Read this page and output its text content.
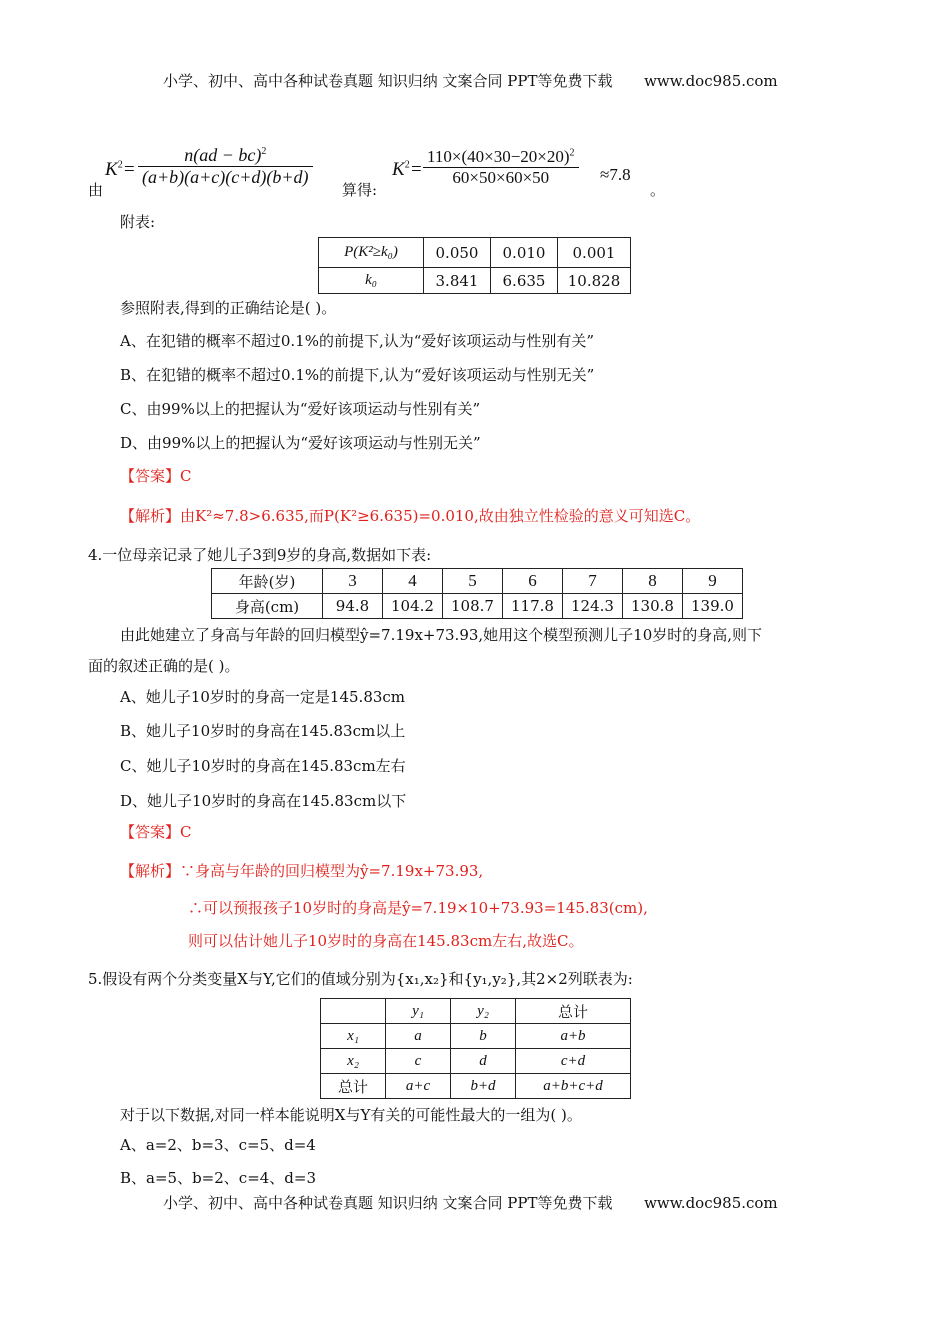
小学、初中、高中各种试卷真题 知识归纳 文案合同 PPT等免费下载 www.doc985.com
由
$K^2= \frac{n(ad - bc)^2}{(a+b)(a+c)(c+d)(b+d)}$
算得:
$K^2= \frac{110\times(40\times 30-20\times 20)^2}{60\times 50\times 60\times 50} \approx 7.8$
。
附表:
P(K²≥k₀)	0.050	0.010	0.001
k₀	3.841	6.635	10.828
参照附表,得到的正确结论是( )。
A、在犯错的概率不超过0.1%的前提下,认为“爱好该项运动与性别有关”
B、在犯错的概率不超过0.1%的前提下,认为“爱好该项运动与性别无关”
C、由99%以上的把握认为“爱好该项运动与性别有关”
D、由99%以上的把握认为“爱好该项运动与性别无关”
【答案】C
【解析】由K²≈7.8>6.635,而P(K²≥6.635)=0.010,故由独立性检验的意义可知选C。
4.一位母亲记录了她儿子3到9岁的身高,数据如下表:
年龄(岁)	3	4	5	6	7	8	9
身高(cm)	94.8	104.2	108.7	117.8	124.3	130.8	139.0
由此她建立了身高与年龄的回归模型ŷ=7.19x+73.93,她用这个模型预测儿子10岁时的身高,则下
面的叙述正确的是( )。
A、她儿子10岁时的身高一定是145.83cm
B、她儿子10岁时的身高在145.83cm以上
C、她儿子10岁时的身高在145.83cm左右
D、她儿子10岁时的身高在145.83cm以下
【答案】C
【解析】∵身高与年龄的回归模型为ŷ=7.19x+73.93,
∴可以预报孩子10岁时的身高是ŷ=7.19×10+73.93=145.83(cm),
则可以估计她儿子10岁时的身高在145.83cm左右,故选C。
5.假设有两个分类变量X与Y,它们的值域分别为{x₁,x₂}和{y₁,y₂},其2×2列联表为:
	y₁	y₂	总计
x₁	a	b	a+b
x₂	c	d	c+d
总计	a+c	b+d	a+b+c+d
对于以下数据,对同一样本能说明X与Y有关的可能性最大的一组为( )。
A、a=2、b=3、c=5、d=4
B、a=5、b=2、c=4、d=3
小学、初中、高中各种试卷真题 知识归纳 文案合同 PPT等免费下载 www.doc985.com
